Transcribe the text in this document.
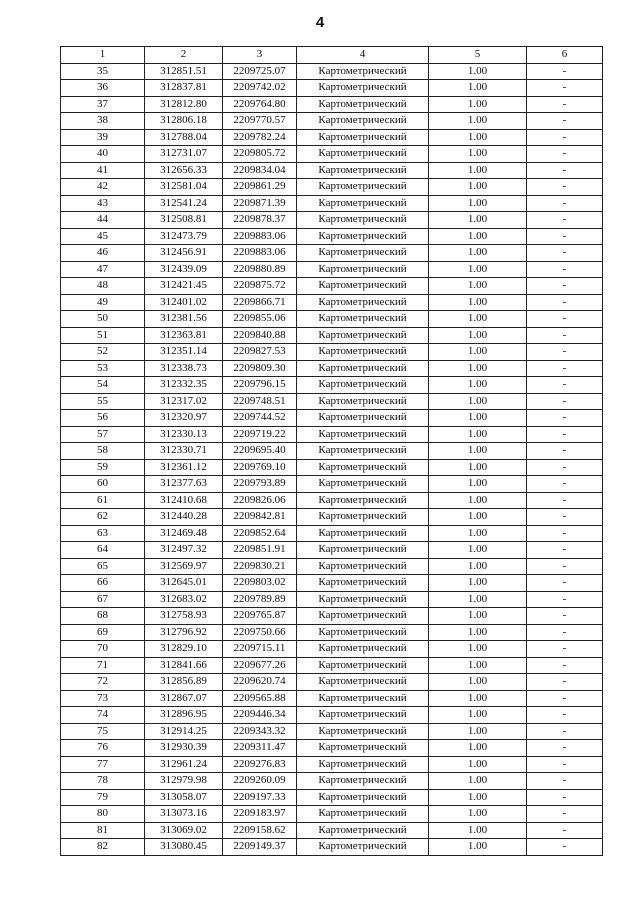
4
1	2	3	4	5	6
35	312851.51	2209725.07	Картометрический	1.00	-
36	312837.81	2209742.02	Картометрический	1.00	-
37	312812.80	2209764.80	Картометрический	1.00	-
38	312806.18	2209770.57	Картометрический	1.00	-
39	312788.04	2209782.24	Картометрический	1.00	-
40	312731.07	2209805.72	Картометрический	1.00	-
41	312656.33	2209834.04	Картометрический	1.00	-
42	312581.04	2209861.29	Картометрический	1.00	-
43	312541.24	2209871.39	Картометрический	1.00	-
44	312508.81	2209878.37	Картометрический	1.00	-
45	312473.79	2209883.06	Картометрический	1.00	-
46	312456.91	2209883.06	Картометрический	1.00	-
47	312439.09	2209880.89	Картометрический	1.00	-
48	312421.45	2209875.72	Картометрический	1.00	-
49	312401.02	2209866.71	Картометрический	1.00	-
50	312381.56	2209855.06	Картометрический	1.00	-
51	312363.81	2209840.88	Картометрический	1.00	-
52	312351.14	2209827.53	Картометрический	1.00	-
53	312338.73	2209809.30	Картометрический	1.00	-
54	312332.35	2209796.15	Картометрический	1.00	-
55	312317.02	2209748.51	Картометрический	1.00	-
56	312320.97	2209744.52	Картометрический	1.00	-
57	312330.13	2209719.22	Картометрический	1.00	-
58	312330.71	2209695.40	Картометрический	1.00	-
59	312361.12	2209769.10	Картометрический	1.00	-
60	312377.63	2209793.89	Картометрический	1.00	-
61	312410.68	2209826.06	Картометрический	1.00	-
62	312440.28	2209842.81	Картометрический	1.00	-
63	312469.48	2209852.64	Картометрический	1.00	-
64	312497.32	2209851.91	Картометрический	1.00	-
65	312569.97	2209830.21	Картометрический	1.00	-
66	312645.01	2209803.02	Картометрический	1.00	-
67	312683.02	2209789.89	Картометрический	1.00	-
68	312758.93	2209765.87	Картометрический	1.00	-
69	312796.92	2209750.66	Картометрический	1.00	-
70	312829.10	2209715.11	Картометрический	1.00	-
71	312841.66	2209677.26	Картометрический	1.00	-
72	312856.89	2209620.74	Картометрический	1.00	-
73	312867.07	2209565.88	Картометрический	1.00	-
74	312896.95	2209446.34	Картометрический	1.00	-
75	312914.25	2209343.32	Картометрический	1.00	-
76	312930.39	2209311.47	Картометрический	1.00	-
77	312961.24	2209276.83	Картометрический	1.00	-
78	312979.98	2209260.09	Картометрический	1.00	-
79	313058.07	2209197.33	Картометрический	1.00	-
80	313073.16	2209183.97	Картометрический	1.00	-
81	313069.02	2209158.62	Картометрический	1.00	-
82	313080.45	2209149.37	Картометрический	1.00	-
